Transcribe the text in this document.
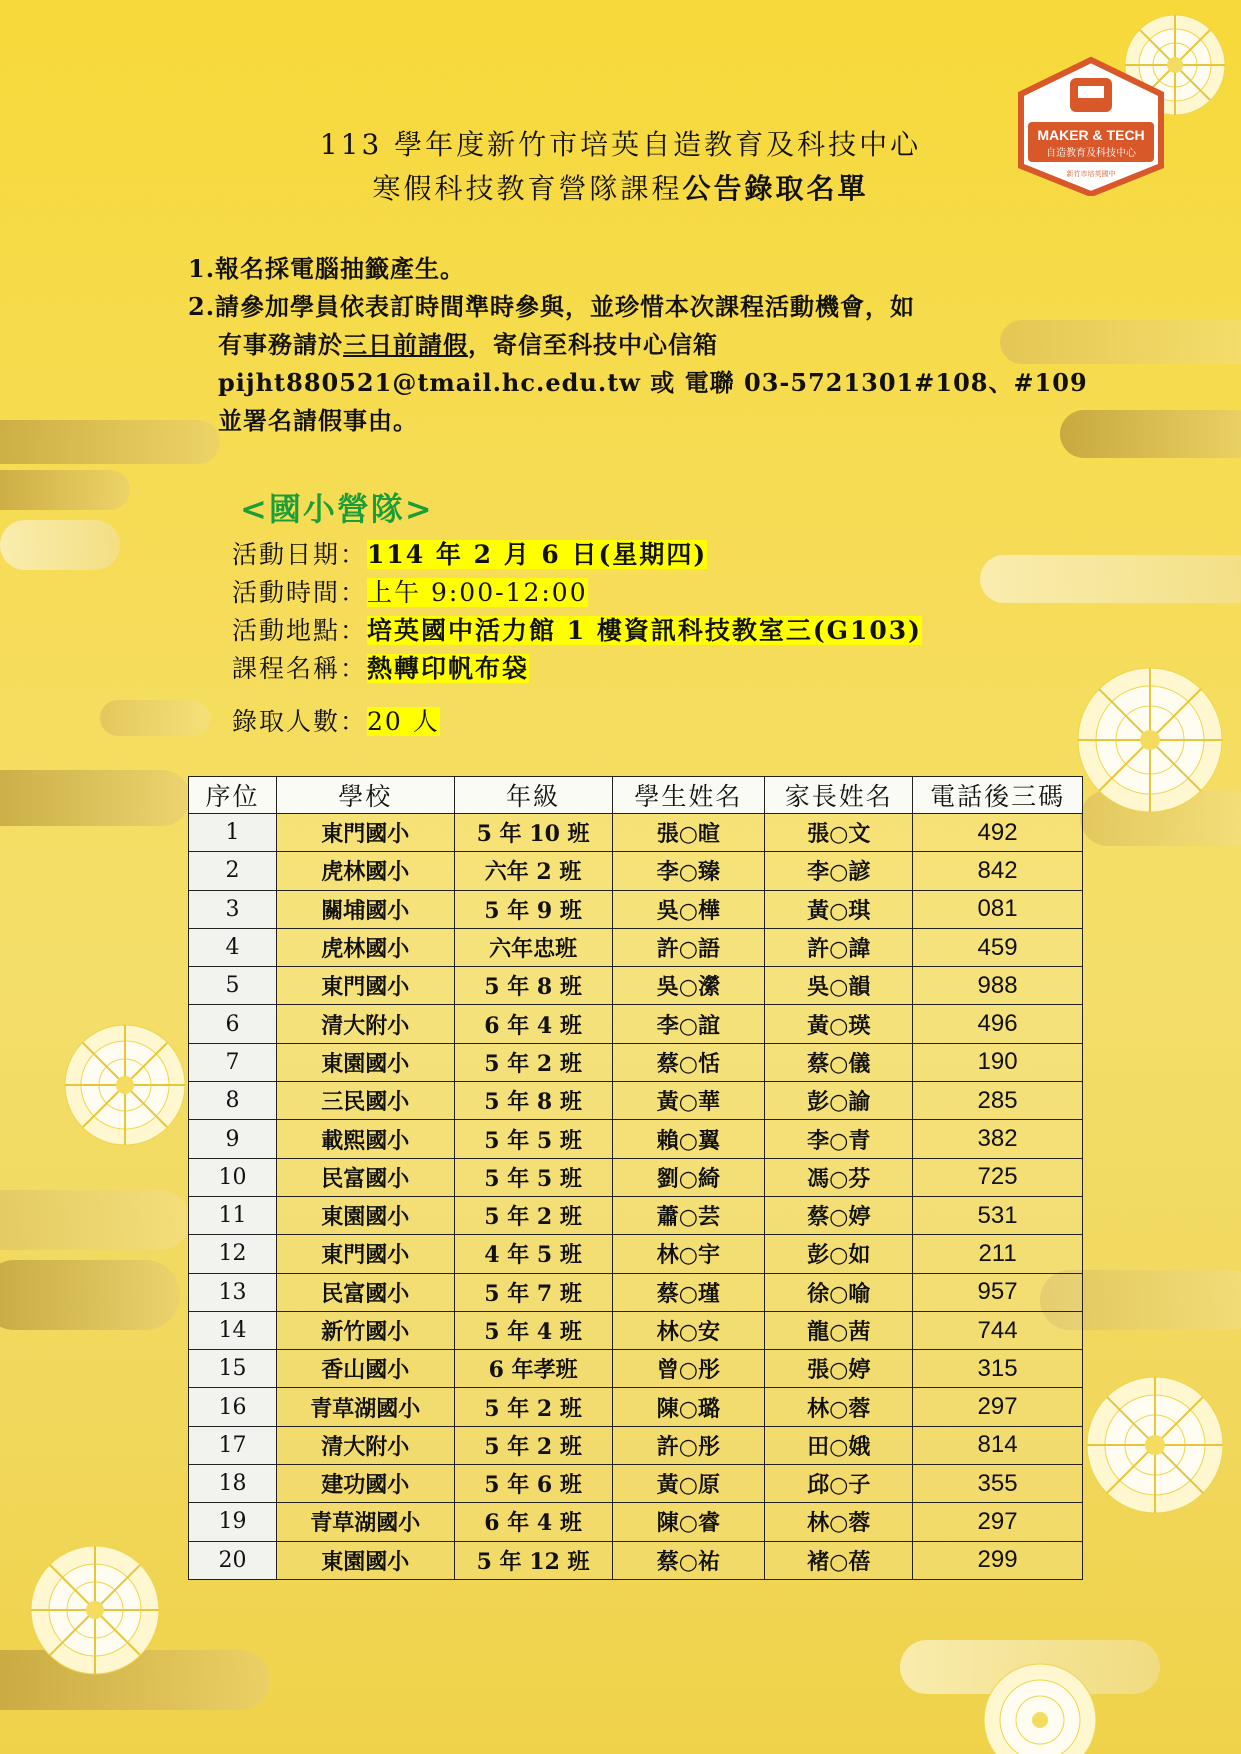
MAKER & TECH
自造教育及科技中心
新竹市培英國中
113 學年度新竹市培英自造教育及科技中心
寒假科技教育營隊課程公告錄取名單
1.報名採電腦抽籤產生。
2.請參加學員依表訂時間準時參與，並珍惜本次課程活動機會，如
有事務請於三日前請假，寄信至科技中心信箱
pijht880521@tmail.hc.edu.tw 或 電聯 03-5721301#108、#109
並署名請假事由。
<國小營隊>
活動日期：114 年 2 月 6 日(星期四)
活動時間：上午 9:00-12:00
活動地點：培英國中活力館 1 樓資訊科技教室三(G103)
課程名稱：熱轉印帆布袋
錄取人數：20 人
序位	學校	年級	學生姓名	家長姓名	電話後三碼
1	東門國小	5 年 10 班	張○暄	張○文	492
2	虎林國小	六年 2 班	李○臻	李○諺	842
3	關埔國小	5 年 9 班	吳○樺	黃○琪	081
4	虎林國小	六年忠班	許○語	許○諱	459
5	東門國小	5 年 8 班	吳○瀠	吳○韻	988
6	清大附小	6 年 4 班	李○誼	黃○瑛	496
7	東園國小	5 年 2 班	蔡○恬	蔡○儀	190
8	三民國小	5 年 8 班	黃○華	彭○諭	285
9	載熙國小	5 年 5 班	賴○翼	李○青	382
10	民富國小	5 年 5 班	劉○綺	馮○芬	725
11	東園國小	5 年 2 班	蕭○芸	蔡○婷	531
12	東門國小	4 年 5 班	林○宇	彭○如	211
13	民富國小	5 年 7 班	蔡○瑾	徐○喻	957
14	新竹國小	5 年 4 班	林○安	龍○茜	744
15	香山國小	6 年孝班	曾○彤	張○婷	315
16	青草湖國小	5 年 2 班	陳○璐	林○蓉	297
17	清大附小	5 年 2 班	許○彤	田○娥	814
18	建功國小	5 年 6 班	黃○原	邱○子	355
19	青草湖國小	6 年 4 班	陳○睿	林○蓉	297
20	東園國小	5 年 12 班	蔡○祐	褚○蓓	299
